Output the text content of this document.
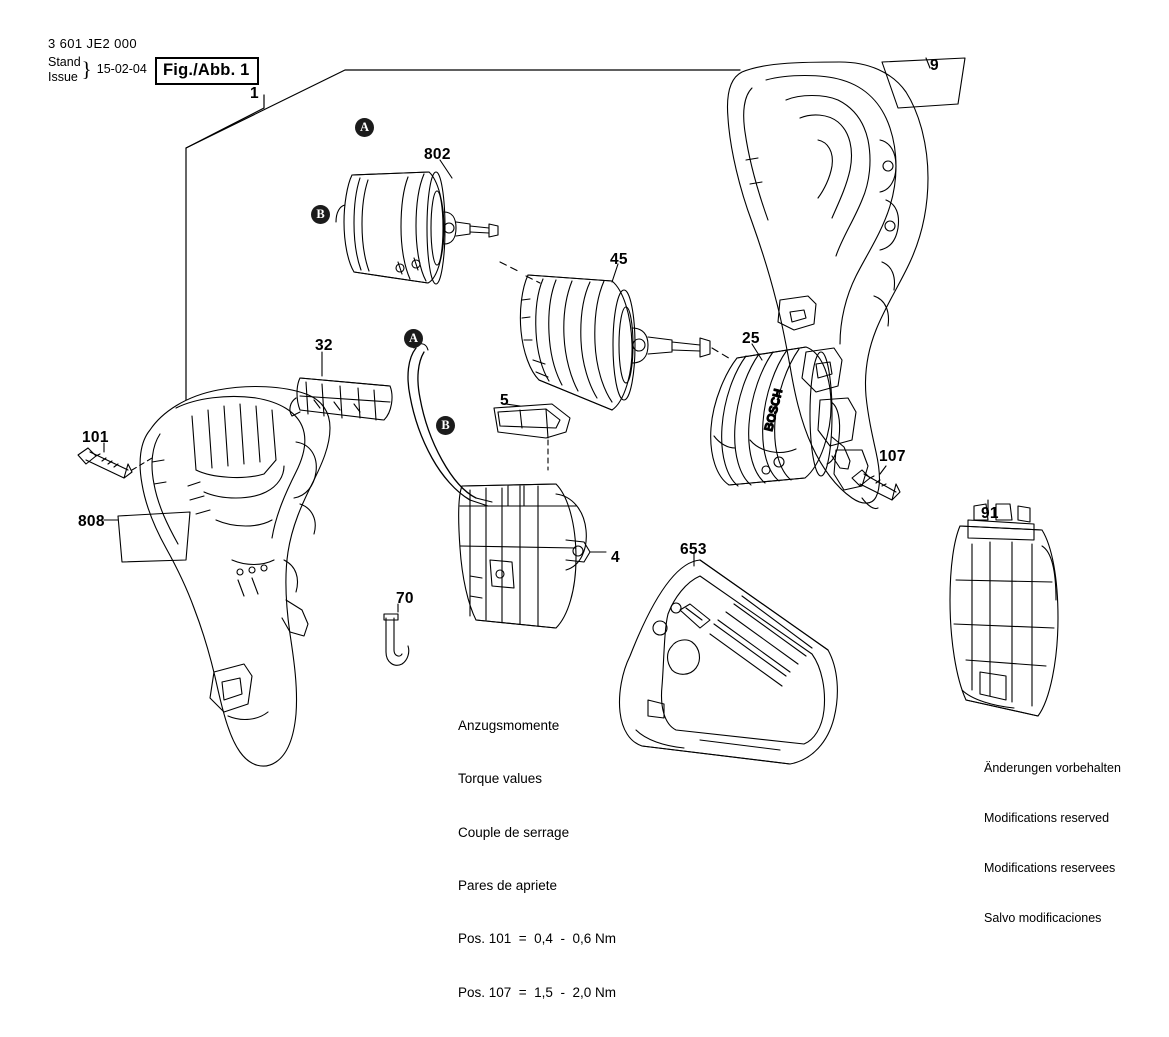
3 601 JE2 000
Stand
Issue } 15-02-04 Fig./Abb. 1
BOSCH
1
9
802
45
25
32
5
101
107
808	91
653
4
70
A
B
A
B

Anzugsmomente

Torque values

Couple de serrage

Pares de apriete

Pos. 101  =  0,4  -  0,6 Nm

Pos. 107  =  1,5  -  2,0 Nm

Änderungen vorbehalten

Modifications reserved

Modifications reservees

Salvo modificaciones
